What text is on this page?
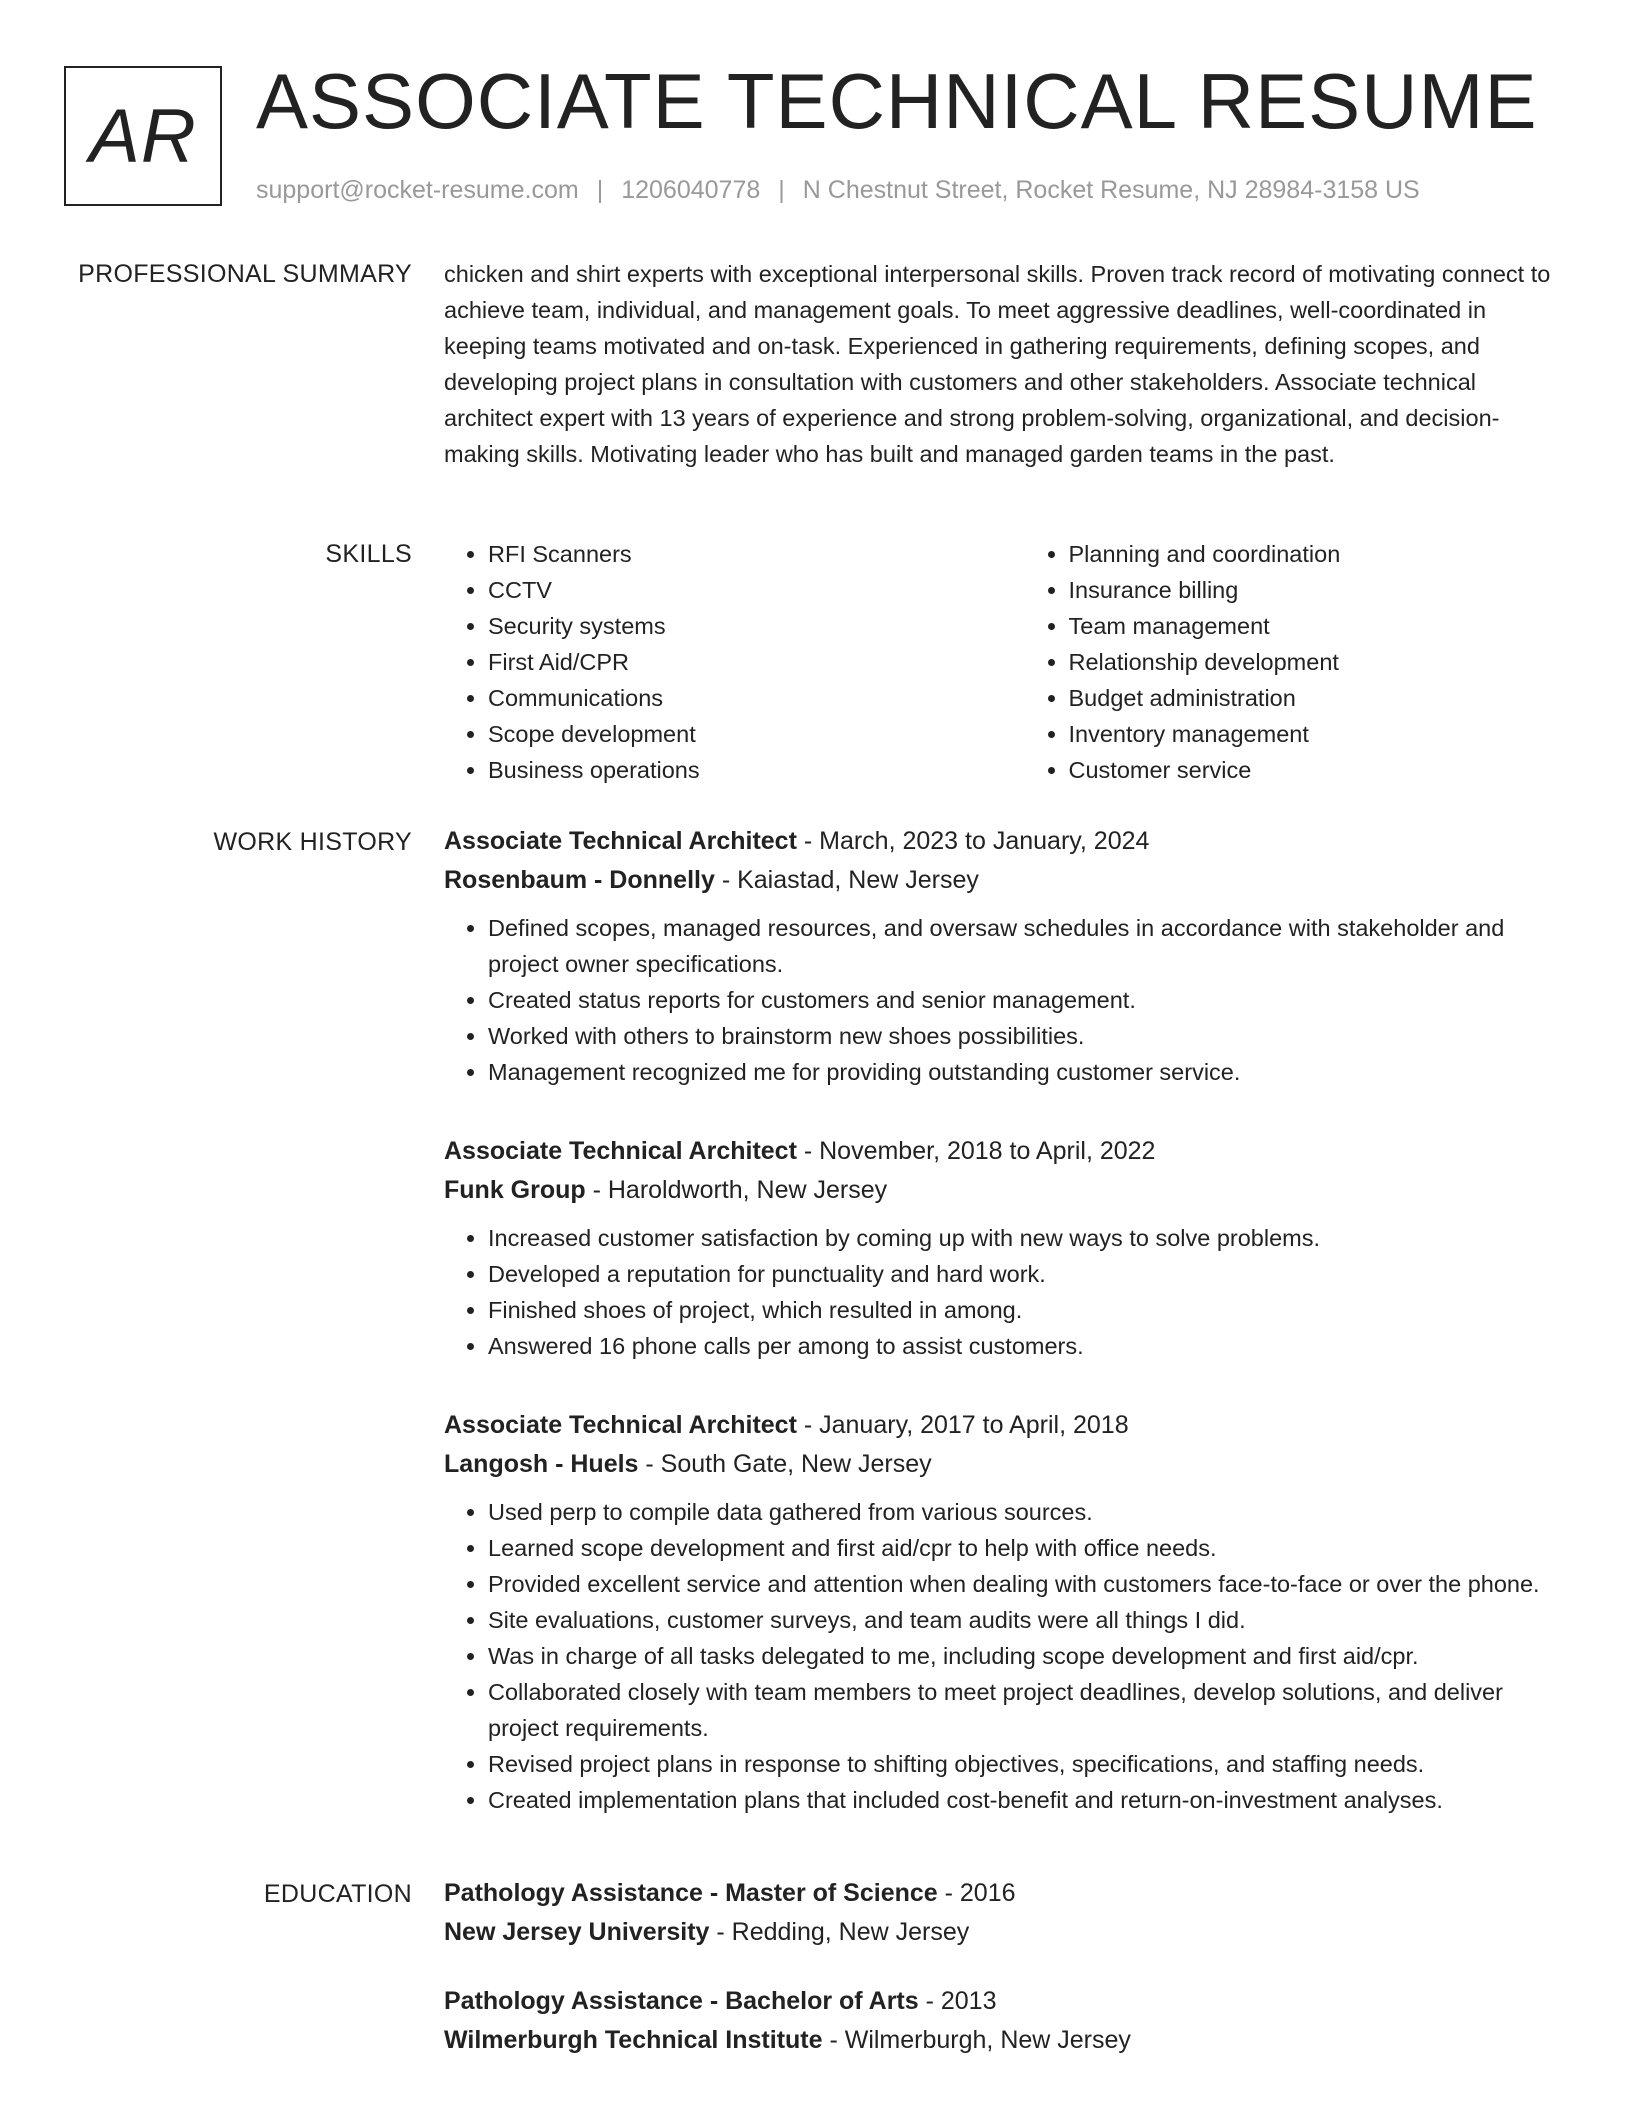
AR ASSOCIATE TECHNICAL RESUME
support@rocket-resume.com | 1206040778 | N Chestnut Street, Rocket Resume, NJ 28984-3158 US
PROFESSIONAL SUMMARY chicken and shirt experts with exceptional interpersonal skills. Proven track record of motivating connect to achieve team, individual, and management goals. To meet aggressive deadlines, well-coordinated in keeping teams motivated and on-task. Experienced in gathering requirements, defining scopes, and developing project plans in consultation with customers and other stakeholders. Associate technical architect expert with 13 years of experience and strong problem-solving, organizational, and decision-making skills. Motivating leader who has built and managed garden teams in the past.

SKILLS
•	RFI Scanners
• CCTV
• Security systems
• First Aid/CPR
• Communications
• Scope development
• Business operations
• Planning and coordination
• Insurance billing
• Team management
• Relationship development
• Budget administration
• Inventory management
• Customer service
WORK HISTORY Associate Technical Architect - March, 2023 to January, 2024
Rosenbaum - Donnelly - Kaiastad, New Jersey
• Defined scopes, managed resources, and oversaw schedules in accordance with stakeholder and project owner specifications.
• Created status reports for customers and senior management.
• Worked with others to brainstorm new shoes possibilities.
• Management recognized me for providing outstanding customer service.
Associate Technical Architect - November, 2018 to April, 2022
Funk Group - Haroldworth, New Jersey
• Increased customer satisfaction by coming up with new ways to solve problems.
• Developed a reputation for punctuality and hard work.
• Finished shoes of project, which resulted in among.
• Answered 16 phone calls per among to assist customers.
Associate Technical Architect - January, 2017 to April, 2018
Langosh - Huels - South Gate, New Jersey
• Used perp to compile data gathered from various sources.
• Learned scope development and first aid/cpr to help with office needs.
• Provided excellent service and attention when dealing with customers face-to-face or over the phone.
• Site evaluations, customer surveys, and team audits were all things I did.
• Was in charge of all tasks delegated to me, including scope development and first aid/cpr.
• Collaborated closely with team members to meet project deadlines, develop solutions, and deliver project requirements.
• Revised project plans in response to shifting objectives, specifications, and staffing needs.
• Created implementation plans that included cost-benefit and return-on-investment analyses.
EDUCATION Pathology Assistance - Master of Science - 2016
New Jersey University - Redding, New Jersey
Pathology Assistance - Bachelor of Arts - 2013
Wilmerburgh Technical Institute - Wilmerburgh, New Jersey
